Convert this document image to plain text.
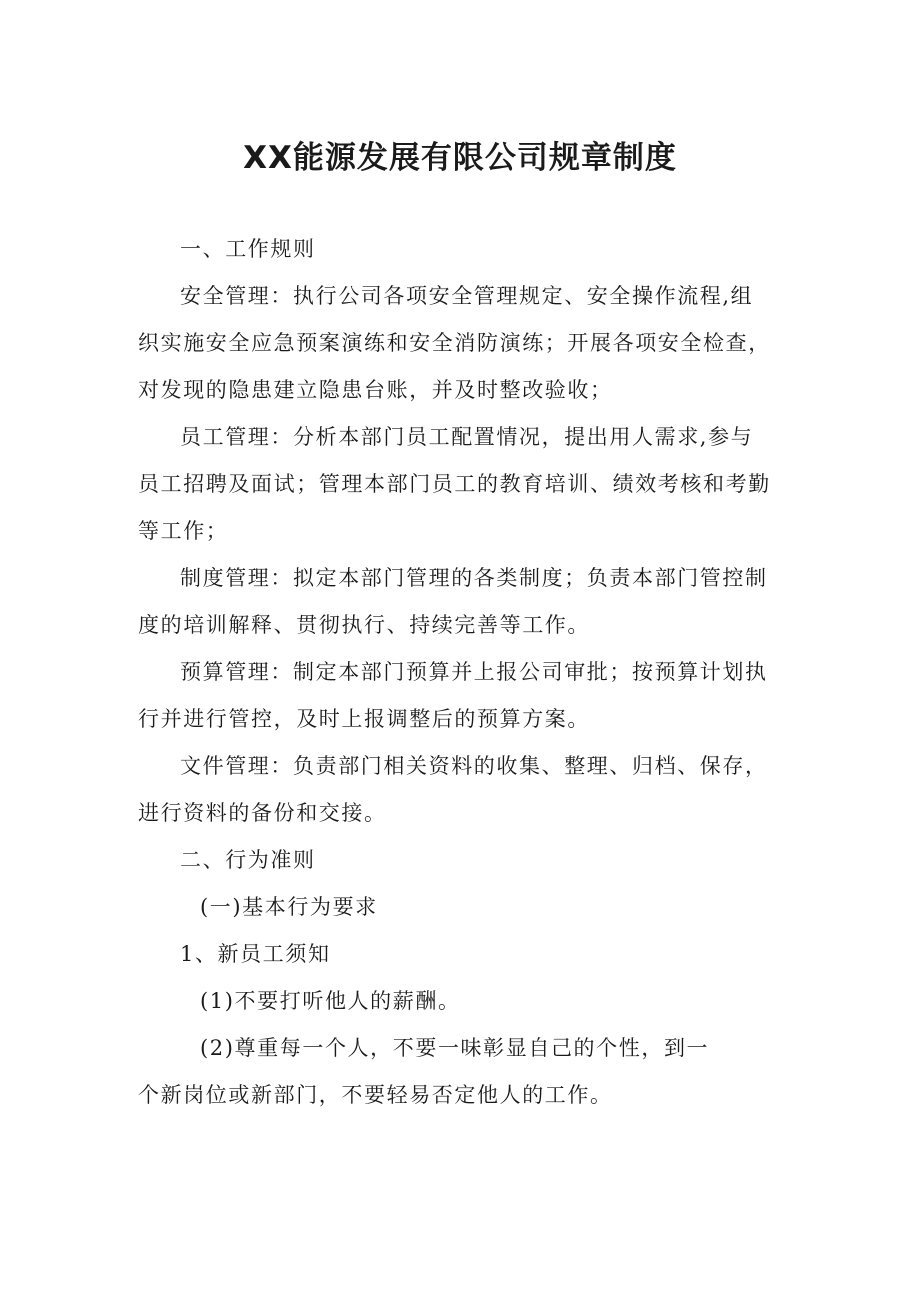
XX能源发展有限公司规章制度

一、工作规则

安全管理：执行公司各项安全管理规定、安全操作流程,组
织实施安全应急预案演练和安全消防演练；开展各项安全检查，
对发现的隐患建立隐患台账，并及时整改验收；

员工管理：分析本部门员工配置情况，提出用人需求,参与
员工招聘及面试；管理本部门员工的教育培训、绩效考核和考勤
等工作；

制度管理：拟定本部门管理的各类制度；负责本部门管控制
度的培训解释、贯彻执行、持续完善等工作。

预算管理：制定本部门预算并上报公司审批；按预算计划执
行并进行管控，及时上报调整后的预算方案。

文件管理：负责部门相关资料的收集、整理、归档、保存，
进行资料的备份和交接。

二、行为准则

(一)基本行为要求

1、新员工须知

(1)不要打听他人的薪酬。

(2)尊重每一个人，不要一味彰显自己的个性，到一
个新岗位或新部门，不要轻易否定他人的工作。
